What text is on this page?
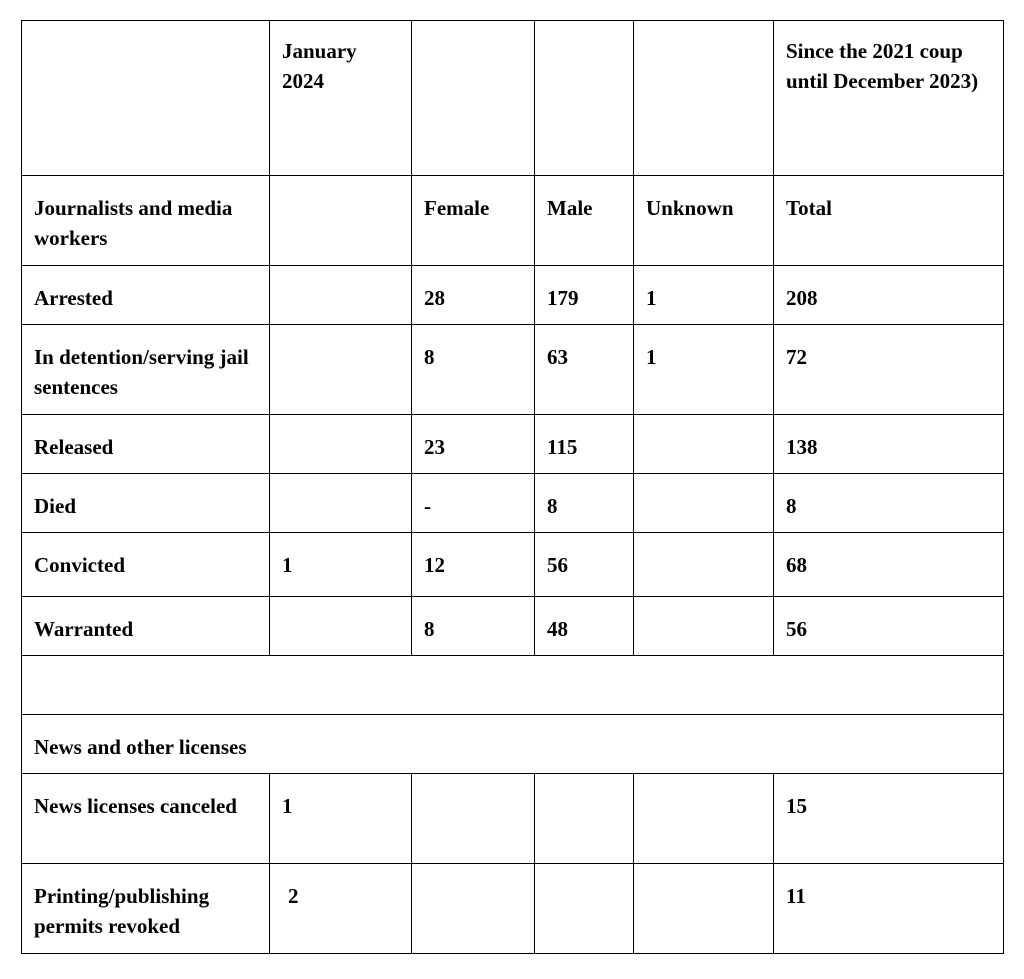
	January 2024				Since the 2021 coup until December 2023)
Journalists and media workers		Female	Male	Unknown	Total
Arrested		28	179	1	208
In detention/serving jail sentences		8	63	1	72
Released		23	115		138
Died		-	8		8
Convicted	1	12	56		68
Warranted		8	48		56

News and other licenses					
News licenses canceled	1				15
Printing/publishing permits revoked	2				11
